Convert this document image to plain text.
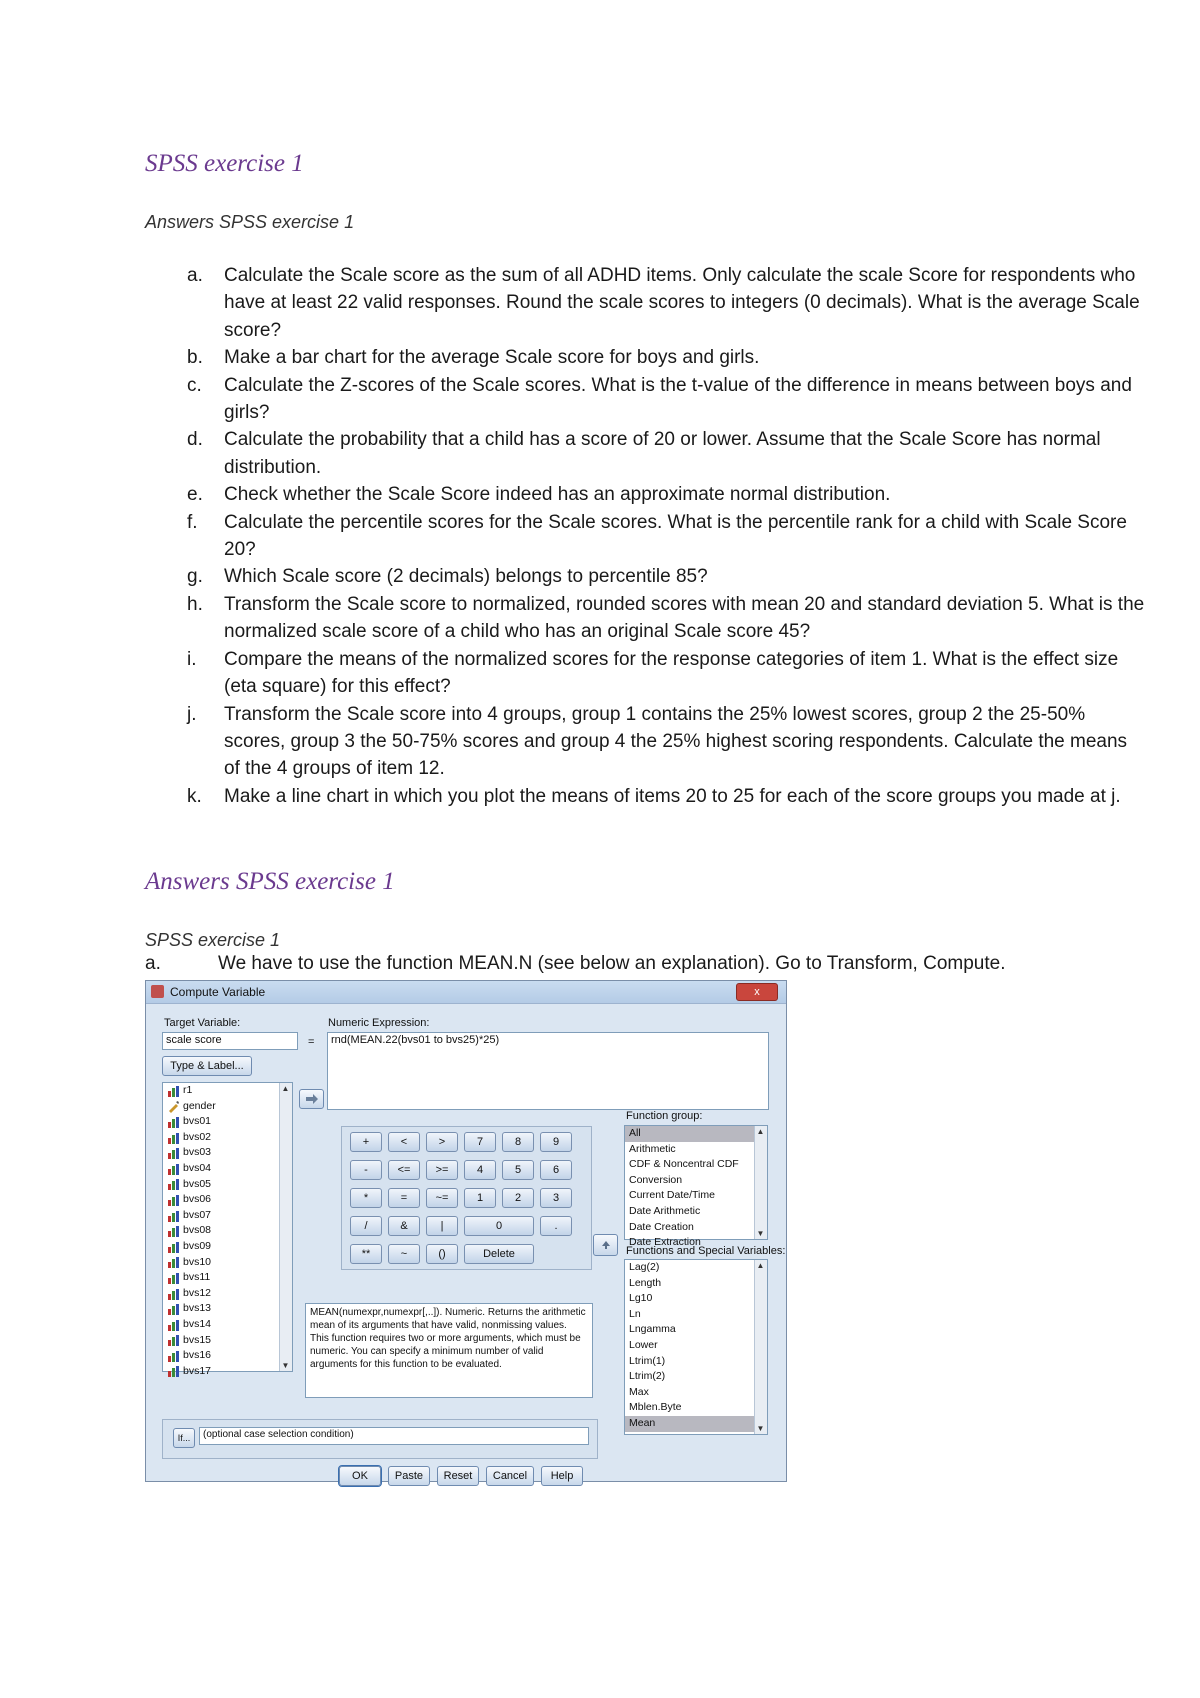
SPSS exercise 1

Answers SPSS exercise 1

a. Calculate the Scale score as the sum of all ADHD items. Only calculate the scale Score for respondents who have at least 22 valid responses. Round the scale scores to integers (0 decimals). What is the average Scale score?
b. Make a bar chart for the average Scale score for boys and girls.
c. Calculate the Z-scores of the Scale scores. What is the t-value of the difference in means between boys and girls?
d. Calculate the probability that a child has a score of 20 or lower. Assume that the Scale Score has normal distribution.
e. Check whether the Scale Score indeed has an approximate normal distribution.
f. Calculate the percentile scores for the Scale scores. What is the percentile rank for a child with Scale Score 20?
g. Which Scale score (2 decimals) belongs to percentile 85?
h. Transform the Scale score to normalized, rounded scores with mean 20 and standard deviation 5. What is the normalized scale score of a child who has an original Scale score 45?
i. Compare the means of the normalized scores for the response categories of item 1. What is the effect size (eta square) for this effect?
j. Transform the Scale score into 4 groups, group 1 contains the 25% lowest scores, group 2 the 25-50% scores, group 3 the 50-75% scores and group 4 the 25% highest scoring respondents. Calculate the means of the 4 groups of item 12.
k. Make a line chart in which you plot the means of items 20 to 25 for each of the score groups you made at j.
Answers SPSS exercise 1

SPSS exercise 1

a.	We have to use the function MEAN.N (see below an explanation). Go to Transform, Compute.
Compute Variable	x
Target Variable:
scale score	=
Type & Label...
Numeric Expression:
rnd(MEAN.22(bvs01 to bvs25)*25)
r1
gender
bvs01
bvs02
bvs03
bvs04
bvs05
bvs06
bvs07
bvs08
bvs09
bvs10
bvs11
bvs12
bvs13
bvs14
bvs15
bvs16
bvs17
▲
▼
+	<	>	7	8	9
-	<=	>=	4	5	6
*	=	~=	1	2	3
/	&	|	0	.
**	~	()	Delete
Function group:
All
Arithmetic
CDF & Noncentral CDF
Conversion
Current Date/Time
Date Arithmetic
Date Creation
Date Extraction
▲
▼
Functions and Special Variables:
Lag(2)
Length
Lg10
Ln
Lngamma
Lower
Ltrim(1)
Ltrim(2)
Max
Mblen.Byte
Mean
▲
▼
MEAN(numexpr,numexpr[,..]). Numeric. Returns the arithmetic mean of its arguments that have valid, nonmissing values. This function requires two or more arguments, which must be numeric. You can specify a minimum number of valid arguments for this function to be evaluated.
If...	(optional case selection condition)
OK	Paste	Reset	Cancel	Help
